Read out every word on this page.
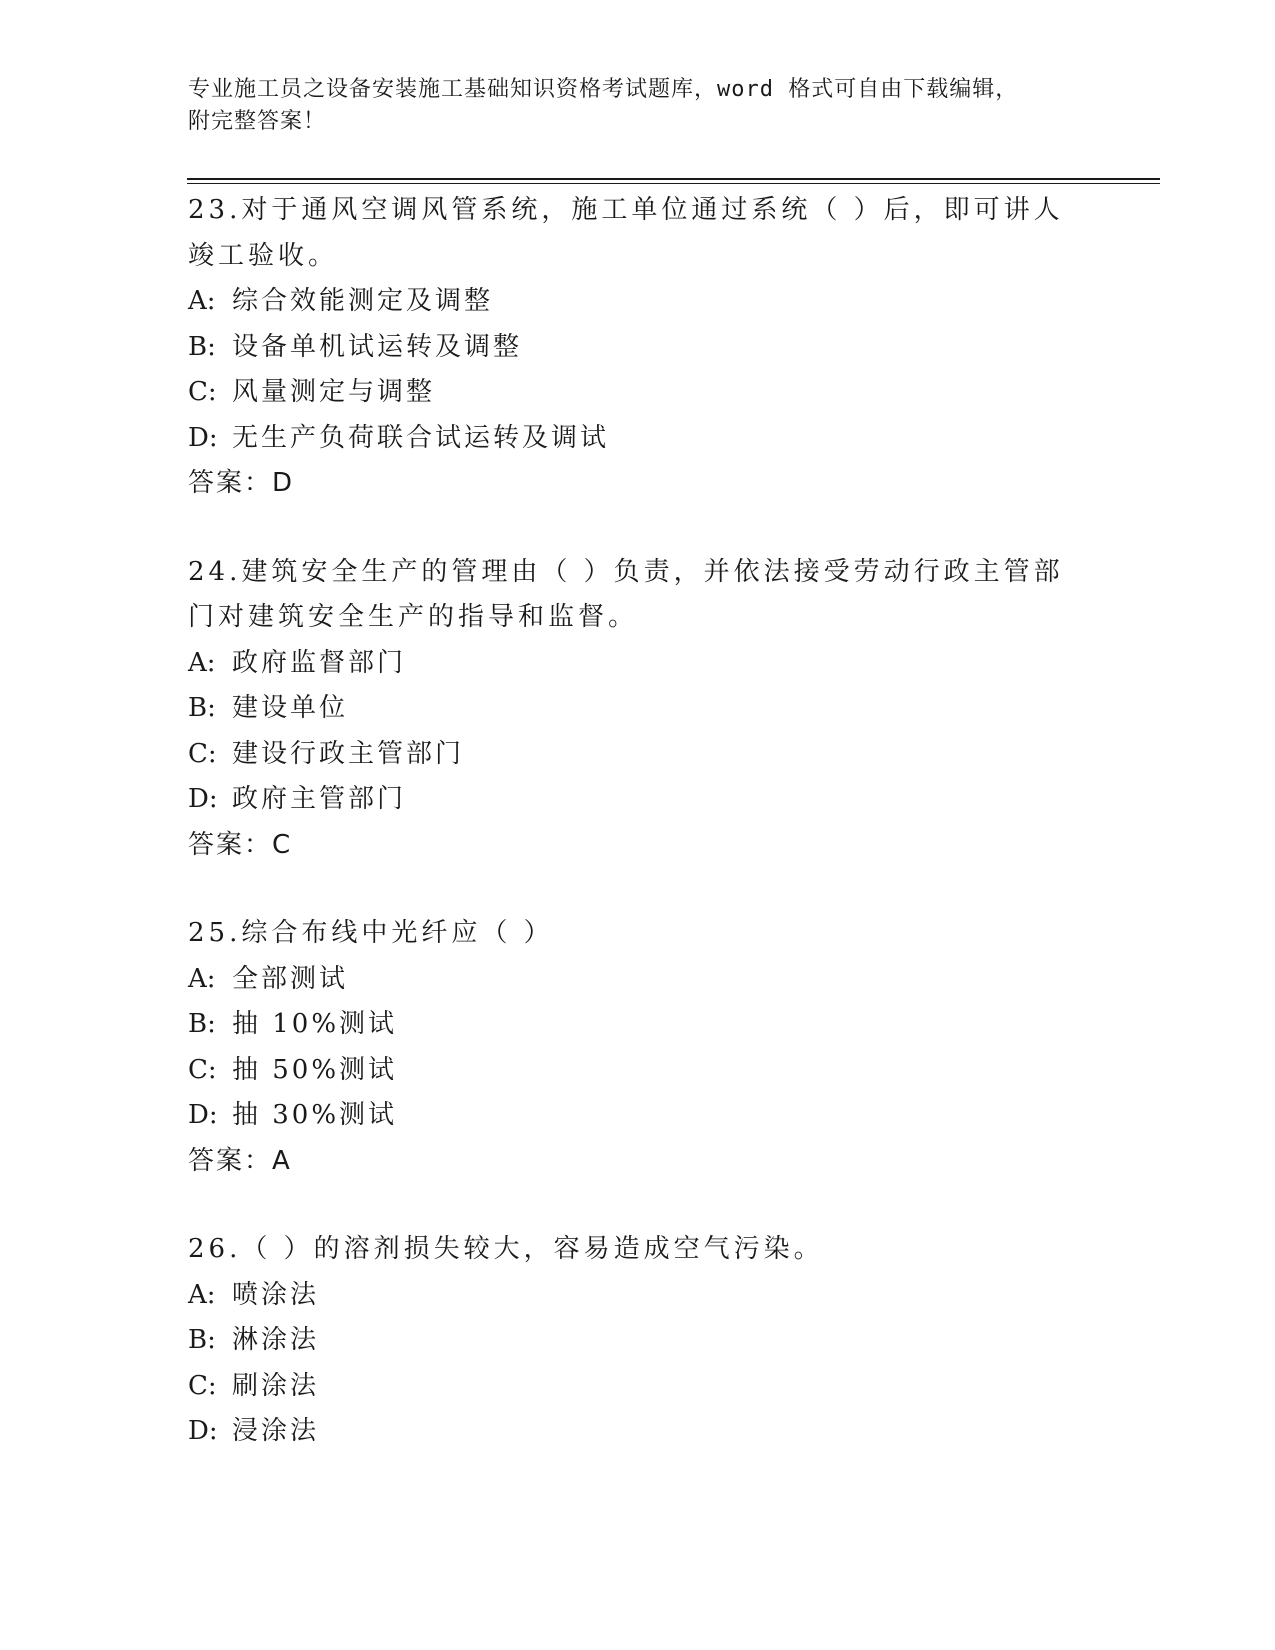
专业施工员之设备安装施工基础知识资格考试题库，word 格式可自由下载编辑，
附完整答案！

23.对于通风空调风管系统，施工单位通过系统（ ）后，即可讲人竣工验收。

A: 综合效能测定及调整

B: 设备单机试运转及调整

C: 风量测定与调整

D: 无生产负荷联合试运转及调试

答案：D

24.建筑安全生产的管理由（ ）负责，并依法接受劳动行政主管部门对建筑安全生产的指导和监督。

A: 政府监督部门

B: 建设单位

C: 建设行政主管部门

D: 政府主管部门

答案：C

25.综合布线中光纤应（ ）

A: 全部测试

B: 抽 10%测试

C: 抽 50%测试

D: 抽 30%测试

答案：A

26.（ ）的溶剂损失较大，容易造成空气污染。

A: 喷涂法

B: 淋涂法

C: 刷涂法

D: 浸涂法
